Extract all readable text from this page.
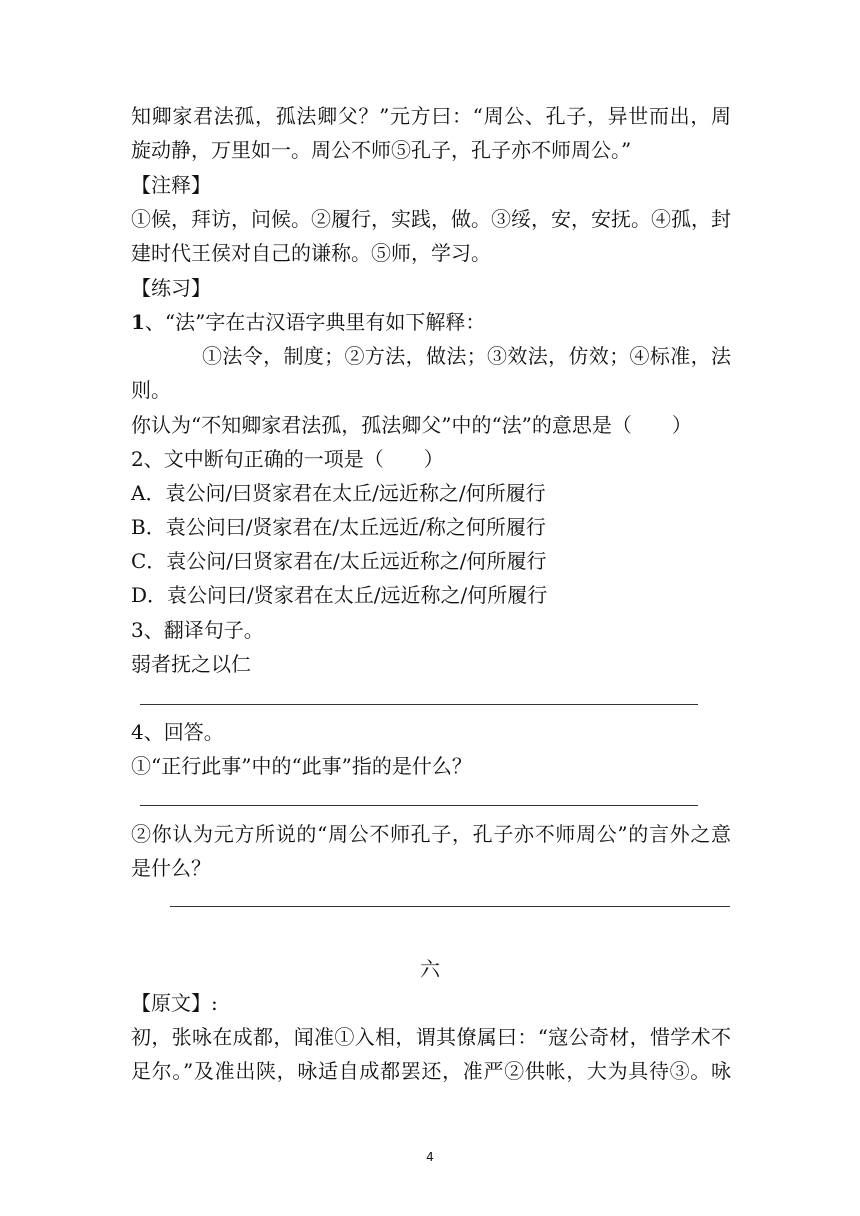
知卿家君法孤，孤法卿父？”元方曰：“周公、孔子，异世而出，周
旋动静，万里如一。周公不师⑤孔子，孔子亦不师周公。”
【注释】
①候，拜访，问候。②履行，实践，做。③绥，安，安抚。④孤，封
建时代王侯对自己的谦称。⑤师，学习。
【练习】
1、“法”字在古汉语字典里有如下解释：
①法令，制度；②方法，做法；③效法，仿效；④标准，法
则。
你认为“不知卿家君法孤，孤法卿父”中的“法”的意思是（　　）
2、文中断句正确的一项是（　　）
A．袁公问/曰贤家君在太丘/远近称之/何所履行
B．袁公问曰/贤家君在/太丘远近/称之何所履行
C．袁公问/曰贤家君在/太丘远近称之/何所履行
D．袁公问曰/贤家君在太丘/远近称之/何所履行
3、翻译句子。
弱者抚之以仁
4、回答。
①“正行此事”中的“此事”指的是什么？
②你认为元方所说的“周公不师孔子，孔子亦不师周公”的言外之意
是什么？
六
【原文】:
初，张咏在成都，闻准①入相，谓其僚属曰：“寇公奇材，惜学术不
足尔。”及准出陕，咏适自成都罢还，准严②供帐，大为具待③。咏
4
